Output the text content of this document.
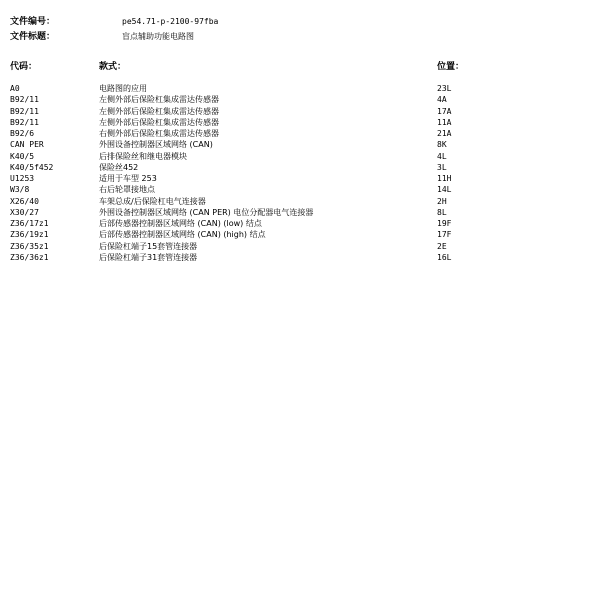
文件编号：	pe54.71-p-2100-97fba
文件标题：	盲点辅助功能电路图
代码：	款式：	位置：
A0	电路图的应用	23L
B92/11	左侧外部后保险杠集成雷达传感器	4A
B92/11	左侧外部后保险杠集成雷达传感器	17A
B92/11	左侧外部后保险杠集成雷达传感器	11A
B92/6	右侧外部后保险杠集成雷达传感器	21A
CAN PER	外围设备控制器区域网络 (CAN)	8K
K40/5	后排保险丝和继电器模块	4L
K40/5f452	保险丝452	3L
U1253	适用于车型 253	11H
W3/8	右后轮罩接地点	14L
X26/40	车架总成/后保险杠电气连接器	2H
X30/27	外围设备控制器区域网络 (CAN PER) 电位分配器电气连接器	8L
Z36/17z1	后部传感器控制器区域网络 (CAN) (low) 结点	19F
Z36/19z1	后部传感器控制器区域网络 (CAN) (high) 结点	17F
Z36/35z1	后保险杠端子15套管连接器	2E
Z36/36z1	后保险杠端子31套管连接器	16L
